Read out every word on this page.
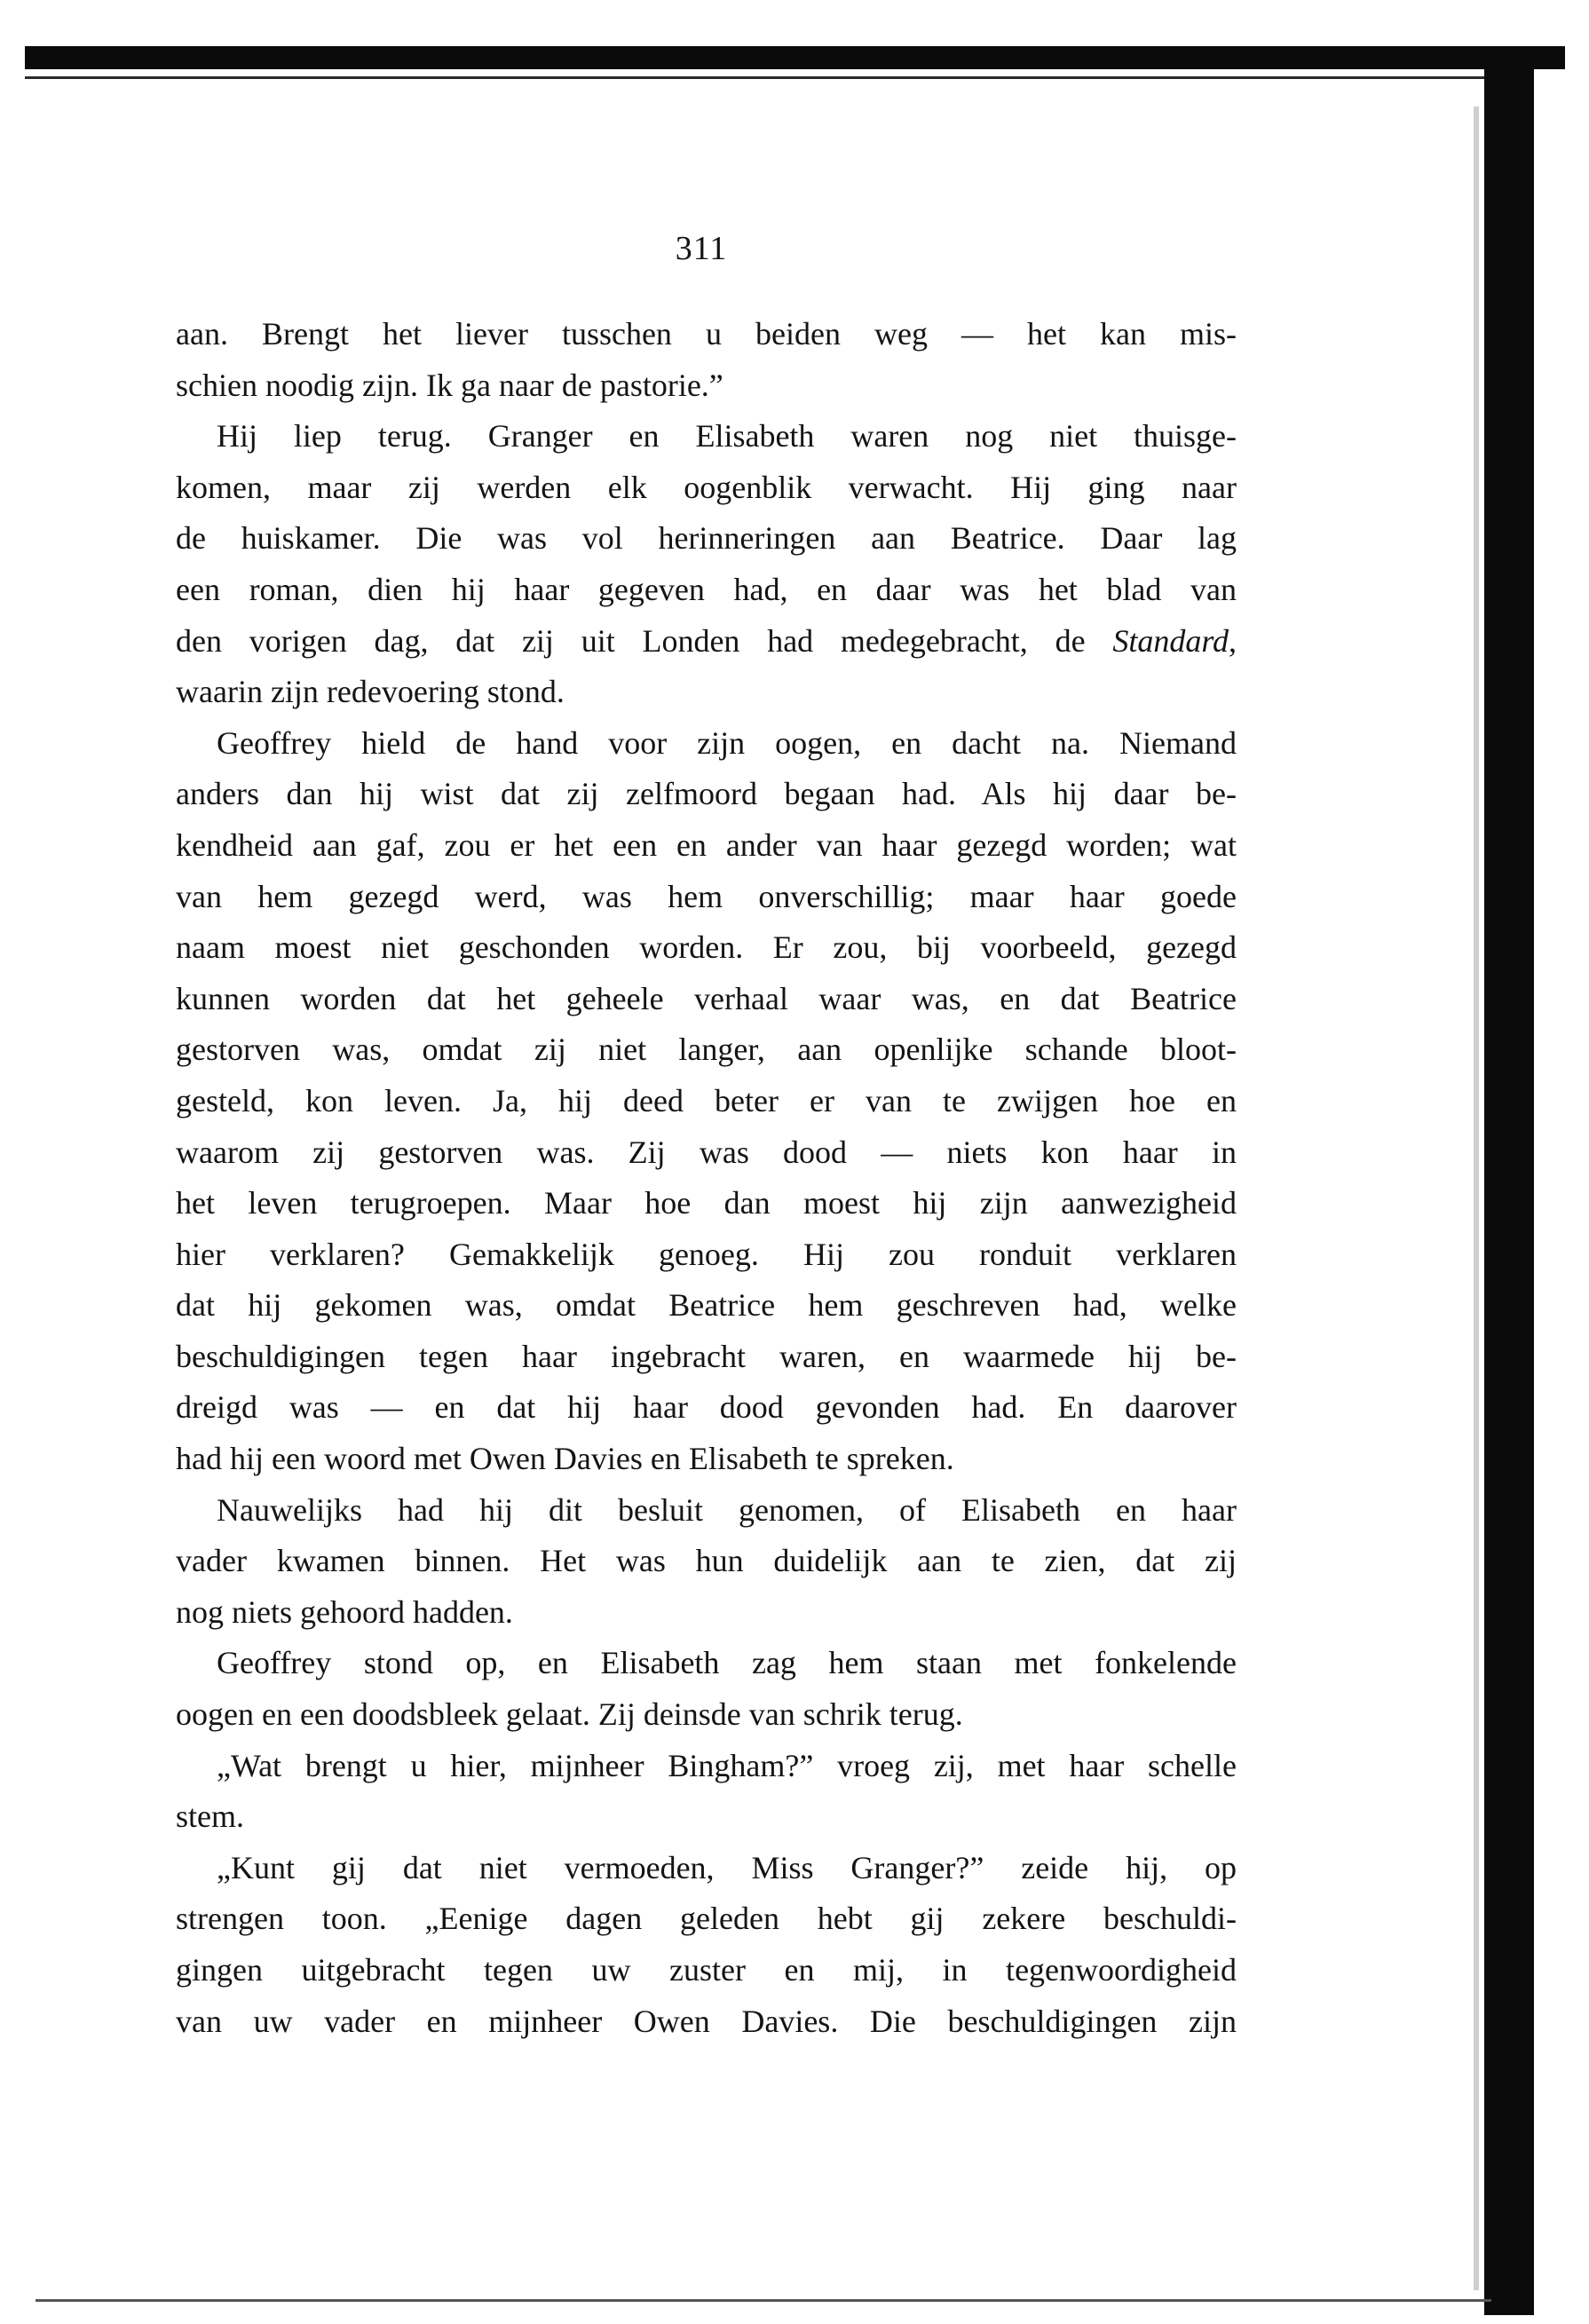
311
aan. Brengt het liever tusschen u beiden weg — het kan mis-
schien noodig zijn. Ik ga naar de pastorie.”
Hij liep terug. Granger en Elisabeth waren nog niet thuisge-
komen, maar zij werden elk oogenblik verwacht. Hij ging naar
de huiskamer. Die was vol herinneringen aan Beatrice. Daar lag
een roman, dien hij haar gegeven had, en daar was het blad van
den vorigen dag, dat zij uit Londen had medegebracht, de Standard,
waarin zijn redevoering stond.
Geoffrey hield de hand voor zijn oogen, en dacht na. Niemand
anders dan hij wist dat zij zelfmoord begaan had. Als hij daar be-
kendheid aan gaf, zou er het een en ander van haar gezegd worden; wat
van hem gezegd werd, was hem onverschillig; maar haar goede
naam moest niet geschonden worden. Er zou, bij voorbeeld, gezegd
kunnen worden dat het geheele verhaal waar was, en dat Beatrice
gestorven was, omdat zij niet langer, aan openlijke schande bloot-
gesteld, kon leven. Ja, hij deed beter er van te zwijgen hoe en
waarom zij gestorven was. Zij was dood — niets kon haar in
het leven terugroepen. Maar hoe dan moest hij zijn aanwezigheid
hier verklaren? Gemakkelijk genoeg. Hij zou ronduit verklaren
dat hij gekomen was, omdat Beatrice hem geschreven had, welke
beschuldigingen tegen haar ingebracht waren, en waarmede hij be-
dreigd was — en dat hij haar dood gevonden had. En daarover
had hij een woord met Owen Davies en Elisabeth te spreken.
Nauwelijks had hij dit besluit genomen, of Elisabeth en haar
vader kwamen binnen. Het was hun duidelijk aan te zien, dat zij
nog niets gehoord hadden.
Geoffrey stond op, en Elisabeth zag hem staan met fonkelende
oogen en een doodsbleek gelaat. Zij deinsde van schrik terug.
„Wat brengt u hier, mijnheer Bingham?” vroeg zij, met haar schelle
stem.
„Kunt gij dat niet vermoeden, Miss Granger?” zeide hij, op
strengen toon. „Eenige dagen geleden hebt gij zekere beschuldi-
gingen uitgebracht tegen uw zuster en mij, in tegenwoordigheid
van uw vader en mijnheer Owen Davies. Die beschuldigingen zijn
